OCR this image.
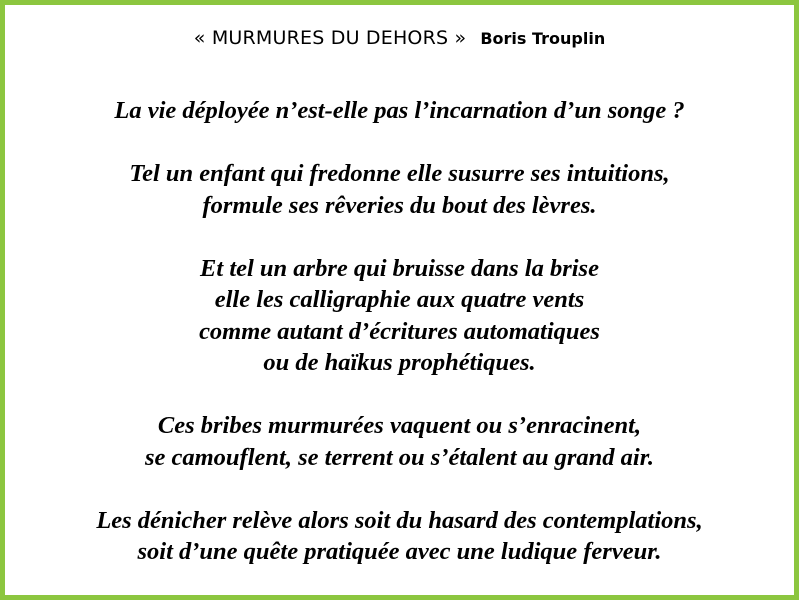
« MURMURES DU DEHORS » Boris Trouplin
La vie déployée n’est-elle pas l’incarnation d’un songe ?
Tel un enfant qui fredonne elle susurre ses intuitions,
formule ses rêveries du bout des lèvres.
Et tel un arbre qui bruisse dans la brise
elle les calligraphie aux quatre vents
comme autant d’écritures automatiques
ou de haïkus prophétiques.
Ces bribes murmurées vaquent ou s’enracinent,
se camouflent, se terrent ou s’étalent au grand air.
Les dénicher relève alors soit du hasard des contemplations,
soit d’une quête pratiquée avec une ludique ferveur.
